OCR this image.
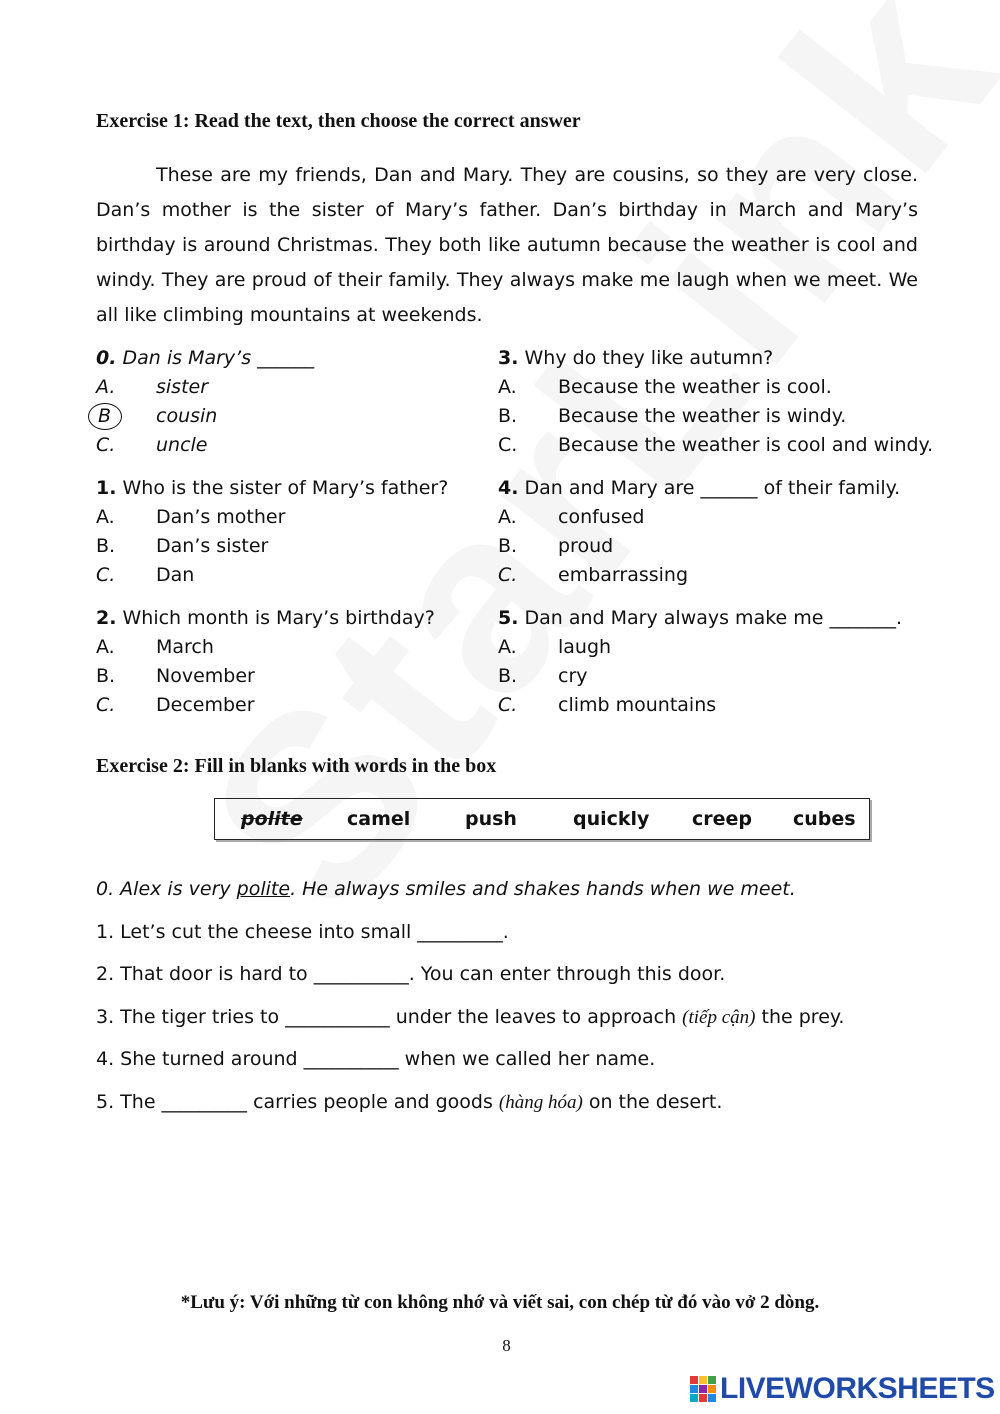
Exercise 1: Read the text, then choose the correct answer
These are my friends, Dan and Mary. They are cousins, so they are very close. Dan’s mother is the sister of Mary’s father. Dan’s birthday in March and Mary’s birthday is around Christmas. They both like autumn because the weather is cool and windy. They are proud of their family. They always make me laugh when we meet. We all like climbing mountains at weekends.
0. Dan is Mary’s ______
A.	sister
B	cousin
C.	uncle
1. Who is the sister of Mary’s father?
A.	Dan’s mother
B.	Dan’s sister
C.	Dan
2. Which month is Mary’s birthday?
A.	March
B.	November
C.	December
3. Why do they like autumn?
A.	Because the weather is cool.
B.	Because the weather is windy.
C.	Because the weather is cool and windy.
4. Dan and Mary are ______ of their family.
A.	confused
B.	proud
C.	embarrassing
5. Dan and Mary always make me _______.
A.	laugh
B.	cry
C.	climb mountains
Exercise 2: Fill in blanks with words in the box
polite camel	push	quickly creep cubes
0. Alex is very polite. He always smiles and shakes hands when we meet.
1. Let’s cut the cheese into small _________.
2. That door is hard to __________. You can enter through this door.
3. The tiger tries to ___________ under the leaves to approach (tiếp cận) the prey.
4. She turned around __________ when we called her name.
5. The _________ carries people and goods (hàng hóa) on the desert.
*Lưu ý: Với những từ con không nhớ và viết sai, con chép từ đó vào vở 2 dòng.
8
LIVEWORKSHEETS
